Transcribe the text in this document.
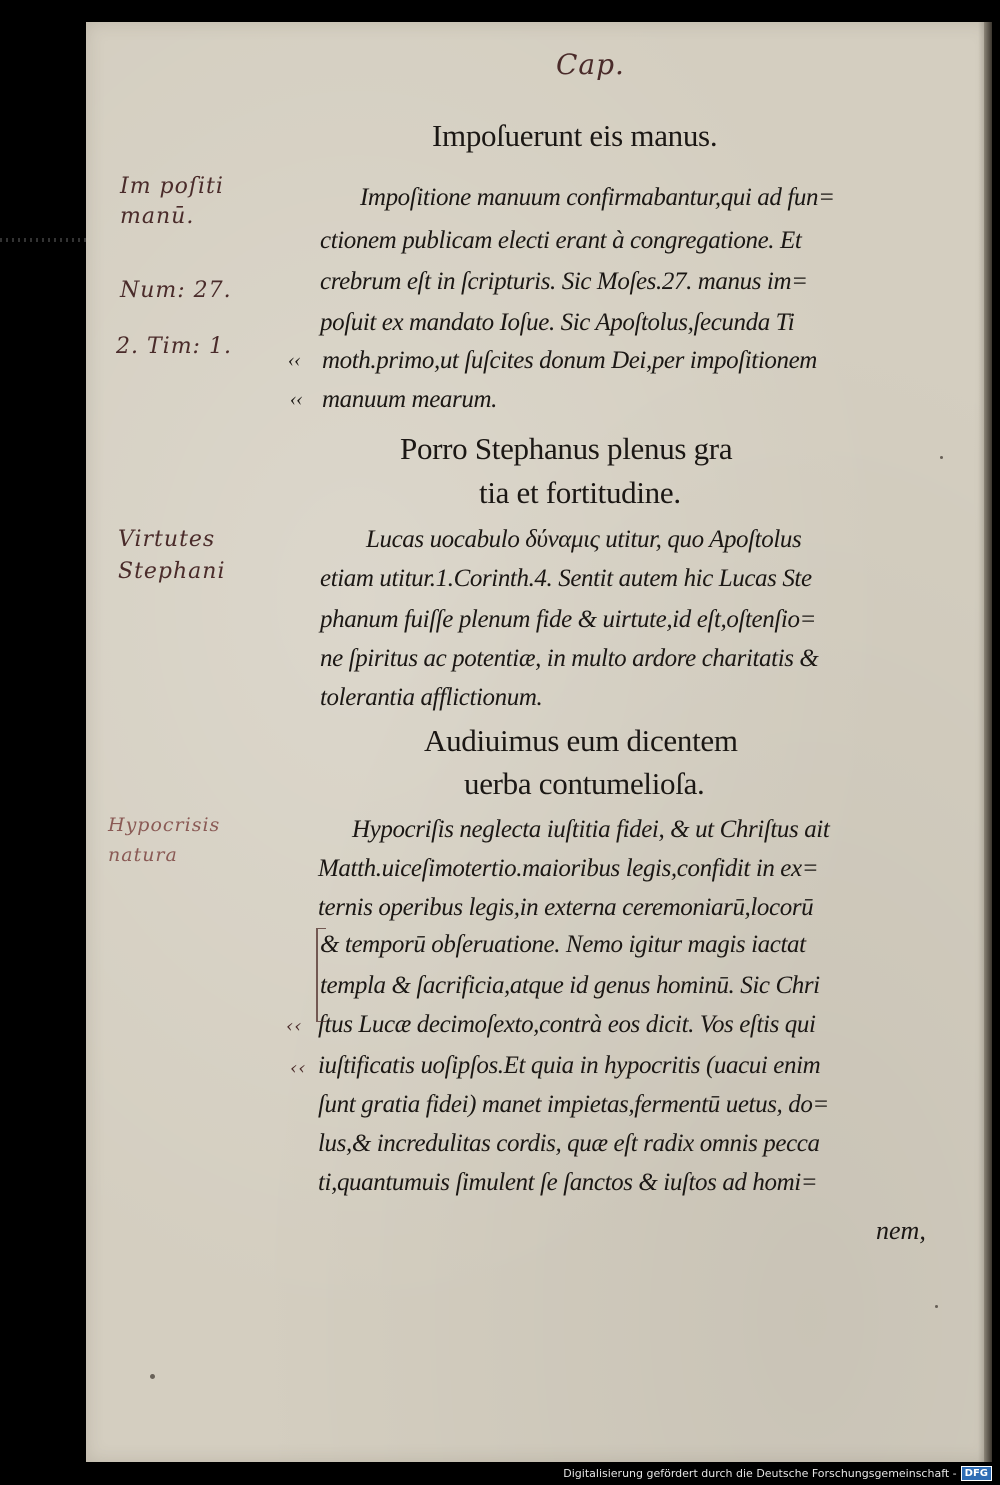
Cap.

Impoſuerunt eis manus.

Impoſitione manuum confirmabantur,qui ad fun=

ctionem publicam electi erant à congregatione. Et

crebrum eſt in ſcripturis. Sic Moſes.27. manus im=

poſuit ex mandato Ioſue. Sic Apoſtolus,ſecunda Ti

moth.primo,ut ſuſcites donum Dei,per impoſitionem

manuum mearum.

Porro Stephanus plenus gra

tia et fortitudine.

Lucas uocabulo δύναμις utitur, quo Apoſtolus

etiam utitur.1.Corinth.4. Sentit autem hic Lucas Ste

phanum fuiſſe plenum fide & uirtute,id eſt,oſtenſio=

ne ſpiritus ac potentiæ, in multo ardore charitatis &

tolerantia afflictionum.

Audiuimus eum dicentem

uerba contumelioſa.

Hypocriſis neglecta iuſtitia fidei, & ut Chriſtus ait

Matth.uiceſimotertio.maioribus legis,confidit in ex=

ternis operibus legis,in externa ceremoniarū,locorū

& temporū obſeruatione. Nemo igitur magis iactat

templa & ſacrificia,atque id genus hominū. Sic Chri

ſtus Lucæ decimoſexto,contrà eos dicit. Vos eſtis qui

iuſtificatis uoſipſos.Et quia in hypocritis (uacui enim

ſunt gratia fidei) manet impietas,fermentū uetus, do=

lus,& incredulitas cordis, quæ eſt radix omnis pecca

ti,quantumuis ſimulent ſe ſanctos & iuſtos ad homi=

nem,

Im poſiti manū.

Num: 27.

2. Tim: 1.

Virtutes Stephani

Hypocrisis natura

‹‹

‹‹

‹‹

‹‹

Digitalisierung gefördert durch die Deutsche Forschungsgemeinschaft - DFG
